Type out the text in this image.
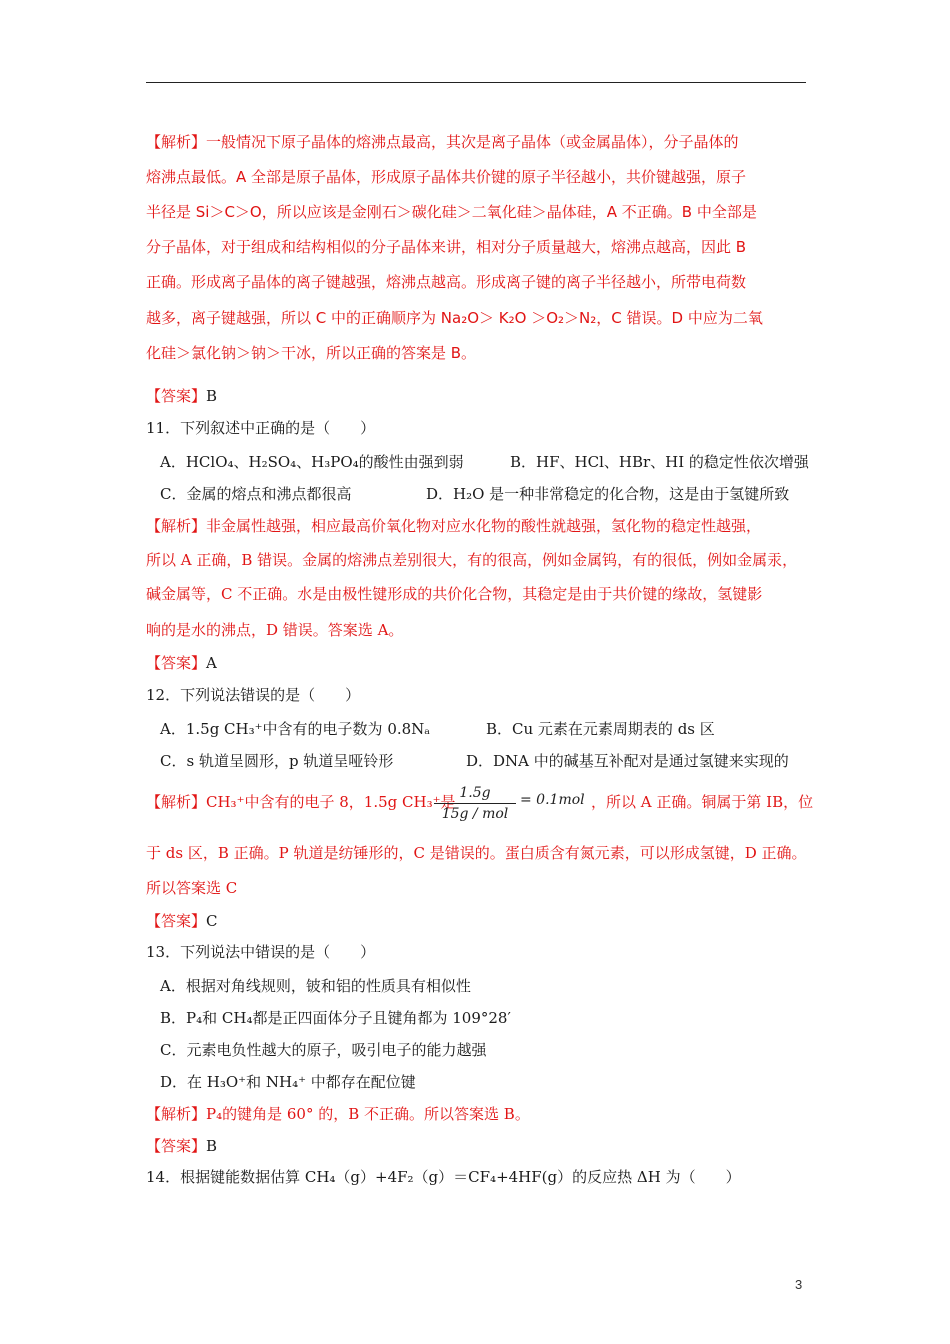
【解析】一般情况下原子晶体的熔沸点最高，其次是离子晶体（或金属晶体），分子晶体的
熔沸点最低。A 全部是原子晶体，形成原子晶体共价键的原子半径越小，共价键越强，原子
半径是 Si＞C＞O，所以应该是金刚石＞碳化硅＞二氧化硅＞晶体硅，A 不正确。B 中全部是
分子晶体，对于组成和结构相似的分子晶体来讲，相对分子质量越大，熔沸点越高，因此 B
正确。形成离子晶体的离子键越强，熔沸点越高。形成离子键的离子半径越小，所带电荷数
越多，离子键越强，所以 C 中的正确顺序为 Na₂O＞ K₂O ＞O₂＞N₂，C 错误。D 中应为二氧
化硅＞氯化钠＞钠＞干冰，所以正确的答案是 B。
【答案】B
11．下列叙述中正确的是（　　）
A．HClO₄、H₂SO₄、H₃PO₄的酸性由强到弱	B．HF、HCl、HBr、HI 的稳定性依次增强
C．金属的熔点和沸点都很高	D．H₂O 是一种非常稳定的化合物，这是由于氢键所致
【解析】非金属性越强，相应最高价氧化物对应水化物的酸性就越强，氢化物的稳定性越强，
所以 A 正确，B 错误。金属的熔沸点差别很大，有的很高，例如金属钨，有的很低，例如金属汞，
碱金属等，C 不正确。水是由极性键形成的共价化合物，其稳定是由于共价键的缘故，氢键影
响的是水的沸点，D 错误。答案选 A。
【答案】A
12．下列说法错误的是（　　）
A．1.5g CH₃⁺中含有的电子数为 0.8Nₐ	B．Cu 元素在元素周期表的 ds 区
C．s 轨道呈圆形，p 轨道呈哑铃形	D．DNA 中的碱基互补配对是通过氢键来实现的
【解析】CH₃⁺中含有的电子 8，1.5g CH₃⁺是 1.5g
15g / mol
= 0.1mol ，所以 A 正确。铜属于第 IB，位
于 ds 区，B 正确。P 轨道是纺锤形的，C 是错误的。蛋白质含有氮元素，可以形成氢键，D 正确。
所以答案选 C
【答案】C
13．下列说法中错误的是（　　）
A．根据对角线规则，铍和铝的性质具有相似性
B．P₄和 CH₄都是正四面体分子且键角都为 109°28′
C．元素电负性越大的原子，吸引电子的能力越强
D．在 H₃O⁺和 NH₄⁺ 中都存在配位键
【解析】P₄的键角是 60° 的，B 不正确。所以答案选 B。
【答案】B
14．根据键能数据估算 CH₄（g）+4F₂（g）＝CF₄+4HF(g）的反应热 ΔH 为（　　）
3
